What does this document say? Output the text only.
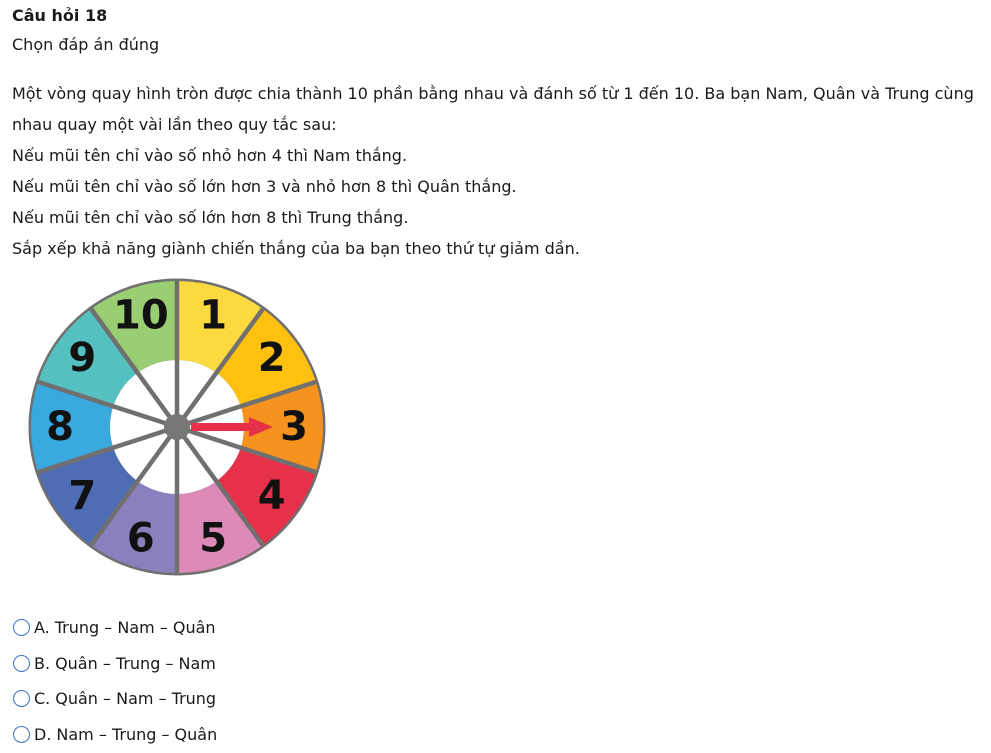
Câu hỏi 18
Chọn đáp án đúng

Một vòng quay hình tròn được chia thành 10 phần bằng nhau và đánh số từ 1 đến 10. Ba bạn Nam, Quân và Trung cùng nhau quay một vài lần theo quy tắc sau:

Nếu mũi tên chỉ vào số nhỏ hơn 4 thì Nam thắng.

Nếu mũi tên chỉ vào số lớn hơn 3 và nhỏ hơn 8 thì Quân thắng.

Nếu mũi tên chỉ vào số lớn hơn 8 thì Trung thắng.

Sắp xếp khả năng giành chiến thắng của ba bạn theo thứ tự giảm dần.

1
2
3
4
5
6
7
8
9
10
A. Trung – Nam – Quân
B. Quân – Trung – Nam
C. Quân – Nam – Trung
D. Nam – Trung – Quân
